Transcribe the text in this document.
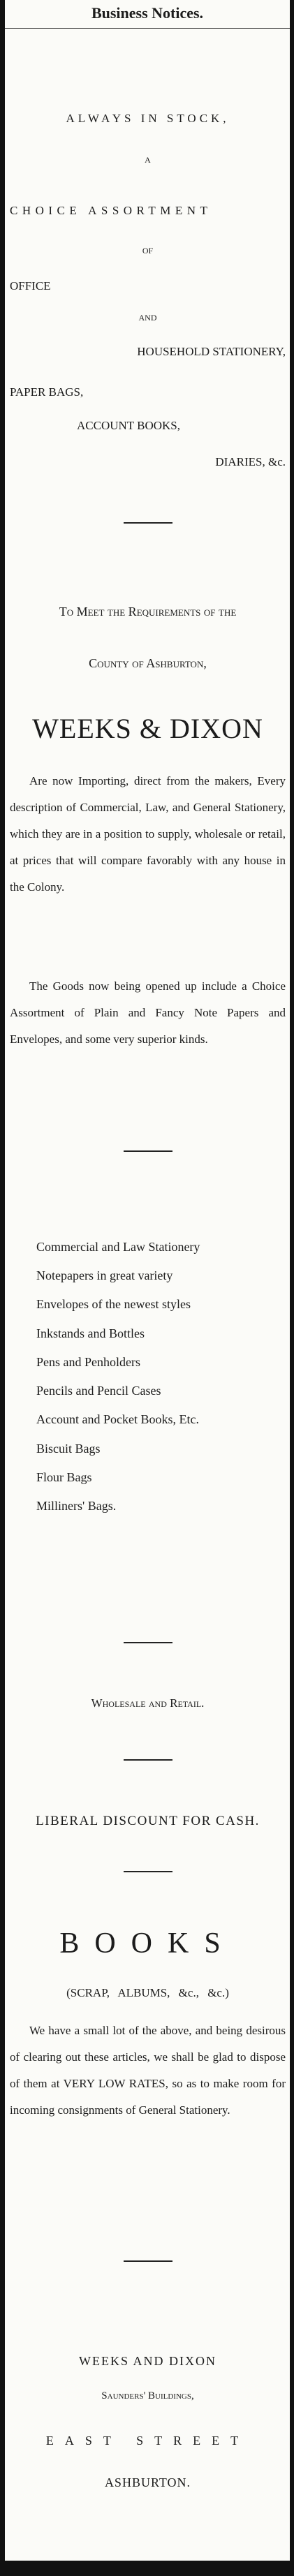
Business Notices.
ALWAYS IN STOCK,
A
CHOICE ASSORTMENT
OF
OFFICE
AND
HOUSEHOLD STATIONERY,
PAPER BAGS,
ACCOUNT BOOKS,
DIARIES, &c.
To Meet the Requirements of the
County of Ashburton,
WEEKS & DIXON
Are now Importing, direct from the makers, Every description of Commercial, Law, and General Stationery, which they are in a position to supply, wholesale or retail, at prices that will compare favorably with any house in the Colony.
The Goods now being opened up include a Choice Assortment of Plain and Fancy Note Papers and Envelopes, and some very superior kinds.
Commercial and Law Stationery
Notepapers in great variety
Envelopes of the newest styles
Inkstands and Bottles
Pens and Penholders
Pencils and Pencil Cases
Account and Pocket Books, Etc.
Biscuit Bags
Flour Bags
Milliners' Bags.
Wholesale and Retail.
LIBERAL DISCOUNT FOR CASH.
BOOKS
(SCRAP, ALBUMS, &c., &c.)
We have a small lot of the above, and being desirous of clearing out these articles, we shall be glad to dispose of them at VERY LOW RATES, so as to make room for incoming consignments of General Stationery.
WEEKS AND DIXON
Saunders' Buildings,
EAST STREET
ASHBURTON.
